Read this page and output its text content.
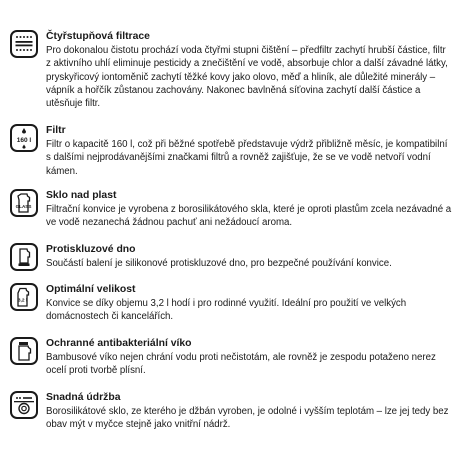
Čtyřstupňová filtrace

Pro dokonalou čistotu prochází voda čtyřmi stupni čištění – předfiltr zachytí hrubší částice, filtr z aktivního uhlí eliminuje pesticidy a znečištění ve vodě, absorbuje chlor a další závadné látky, pryskyřicový iontoměnič zachytí těžké kovy jako olovo, měď a hliník, ale důležité minerály – vápník a hořčík zůstanou zachovány. Nakonec bavlněná síťovina zachytí další částice a utěsňuje filtr.

160 l

Filtr

Filtr o kapacitě 160 l, což při běžné spotřebě představuje výdrž přibližně měsíc, je kompatibilní s dalšími nejprodávanějšími značkami filtrů a rovněž zajišťuje, že se ve vodě netvoří vodní kámen.

GLASS

Sklo nad plast

Filtrační konvice je vyrobena z borosilikátového skla, které je oproti plastům zcela nezávadné a ve vodě nezanechá žádnou pachuť ani nežádoucí aroma.

Protiskluzové dno

Součástí balení je silikonové protiskluzové dno, pro bezpečné používání konvice.

3,2 l

Optimální velikost

Konvice se díky objemu 3,2 l hodí i pro rodinné využití. Ideální pro použití ve velkých domácnostech či kancelářích.

Ochranné antibakteriální víko

Bambusové víko nejen chrání vodu proti nečistotám, ale rovněž je zespodu potaženo nerez ocelí proti tvorbě plísní.

Snadná údržba

Borosilikátové sklo, ze kterého je džbán vyroben, je odolné i vyšším teplotám – lze jej tedy bez obav mýt v myčce stejně jako vnitřní nádrž.
